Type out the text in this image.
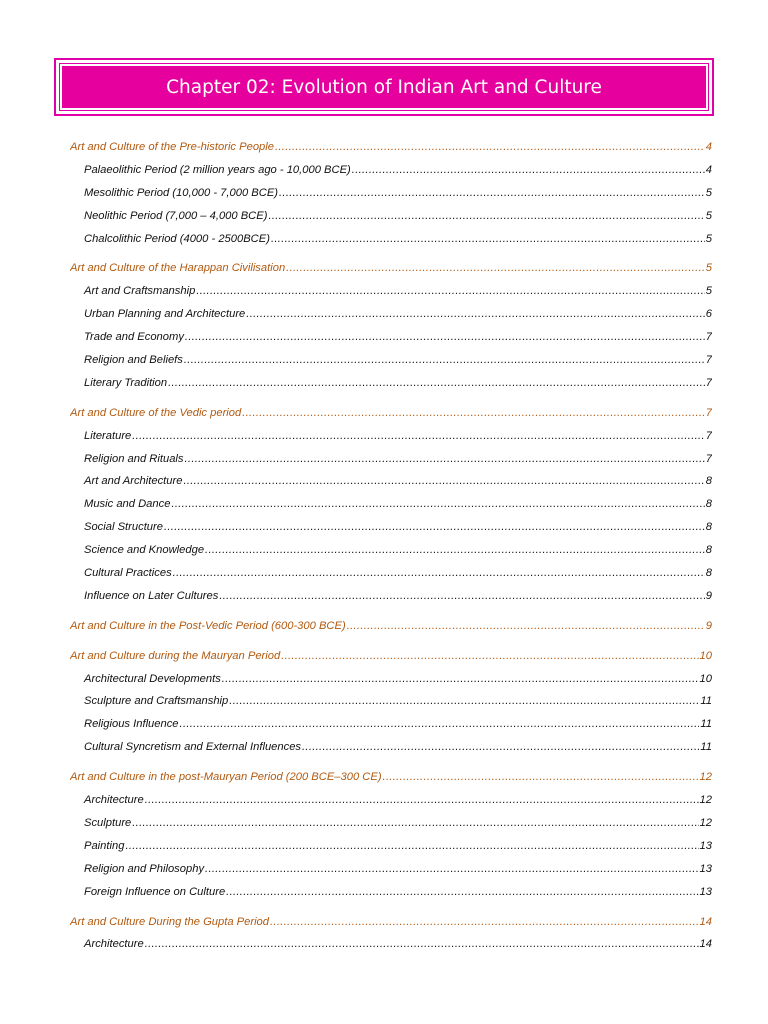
Chapter 02: Evolution of Indian Art and Culture
Art and Culture of the Pre-historic People .....	4
Palaeolithic Period (2 million years ago - 10,000 BCE) .....	4
Mesolithic Period (10,000 - 7,000 BCE) .....	5
Neolithic Period (7,000 – 4,000 BCE) .....	5
Chalcolithic Period (4000 - 2500BCE) .....	5
Art and Culture of the Harappan Civilisation .....	5
Art and Craftsmanship .....	5
Urban Planning and Architecture .....	6
Trade and Economy .....	7
Religion and Beliefs .....	7
Literary Tradition .....	7
Art and Culture of the Vedic period .....	7
Literature .....	7
Religion and Rituals .....	7
Art and Architecture .....	8
Music and Dance .....	8
Social Structure .....	8
Science and Knowledge .....	8
Cultural Practices .....	8
Influence on Later Cultures .....	9
Art and Culture in the Post-Vedic Period (600-300 BCE) .....	9
Art and Culture during the Mauryan Period .....	10
Architectural Developments .....	10
Sculpture and Craftsmanship .....	11
Religious Influence .....	11
Cultural Syncretism and External Influences .....	11
Art and Culture in the post-Mauryan Period (200 BCE–300 CE) .....	12
Architecture .....	12
Sculpture .....	12
Painting .....	13
Religion and Philosophy .....	13
Foreign Influence on Culture .....	13
Art and Culture During the Gupta Period .....	14
Architecture .....	14
